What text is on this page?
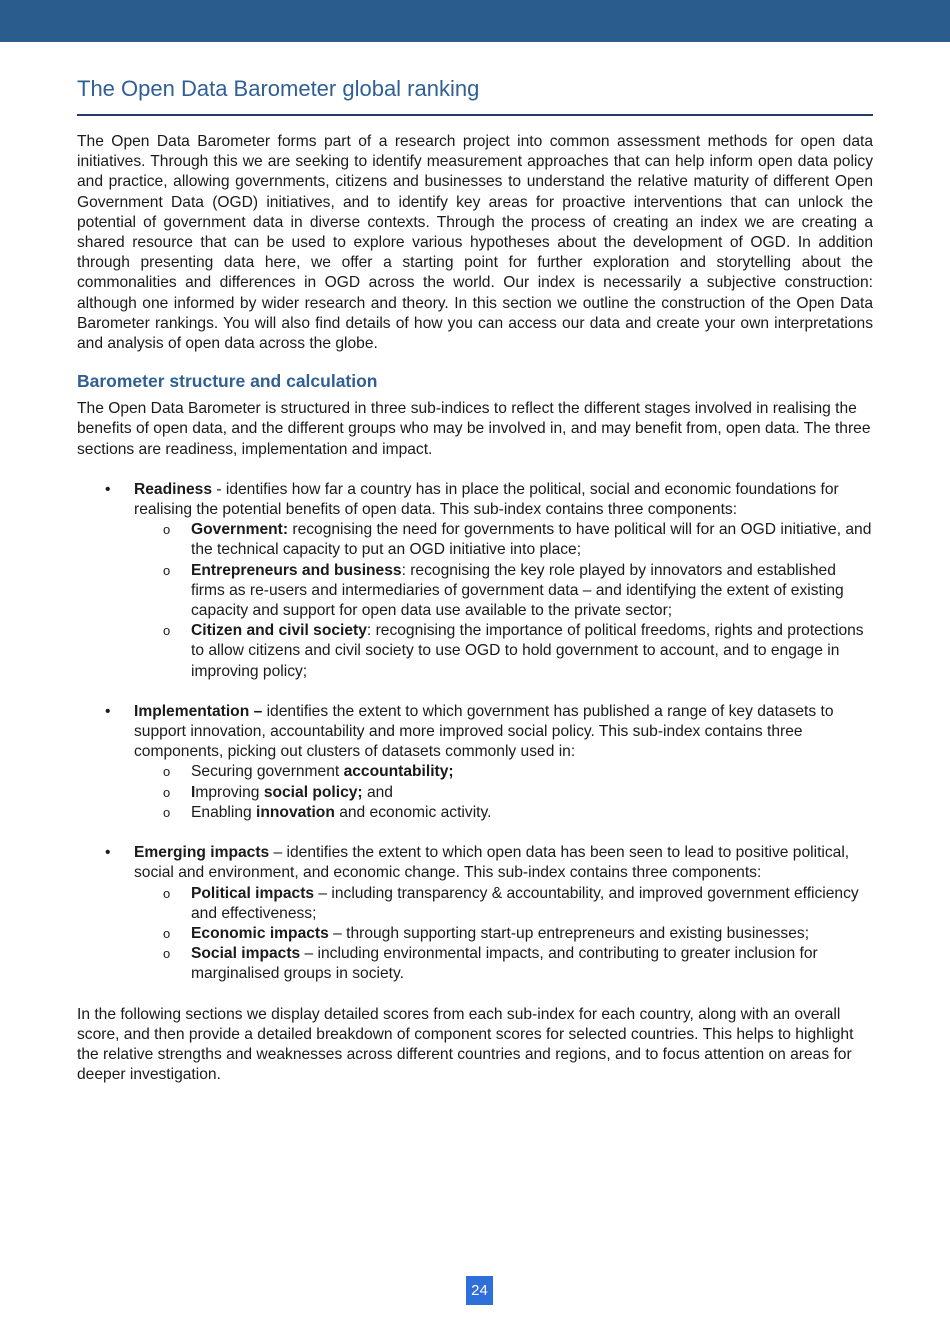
The Open Data Barometer global ranking

The Open Data Barometer forms part of a research project into common assessment methods for open data initiatives. Through this we are seeking to identify measurement approaches that can help inform open data policy and practice, allowing governments, citizens and businesses to understand the relative maturity of different Open Government Data (OGD) initiatives, and to identify key areas for proactive interventions that can unlock the potential of government data in diverse contexts. Through the process of creating an index we are creating a shared resource that can be used to explore various hypotheses about the development of OGD. In addition through presenting data here, we offer a starting point for further exploration and storytelling about the commonalities and differences in OGD across the world. Our index is necessarily a subjective construction: although one informed by wider research and theory. In this section we outline the construction of the Open Data Barometer rankings. You will also find details of how you can access our data and create your own interpretations and analysis of open data across the globe.

Barometer structure and calculation

The Open Data Barometer is structured in three sub-indices to reflect the different stages involved in realising the benefits of open data, and the different groups who may be involved in, and may benefit from, open data. The three sections are readiness, implementation and impact.

• Readiness - identifies how far a country has in place the political, social and economic foundations for realising the potential benefits of open data. This sub-index contains three components:
o Government: recognising the need for governments to have political will for an OGD initiative, and the technical capacity to put an OGD initiative into place;
o Entrepreneurs and business: recognising the key role played by innovators and established firms as re-users and intermediaries of government data – and identifying the extent of existing capacity and support for open data use available to the private sector;
o Citizen and civil society: recognising the importance of political freedoms, rights and protections to allow citizens and civil society to use OGD to hold government to account, and to engage in improving policy;
• Implementation – identifies the extent to which government has published a range of key datasets to support innovation, accountability and more improved social policy. This sub-index contains three components, picking out clusters of datasets commonly used in:
o Securing government accountability;
o Improving social policy; and
o Enabling innovation and economic activity.
• Emerging impacts – identifies the extent to which open data has been seen to lead to positive political, social and environment, and economic change. This sub-index contains three components:
o Political impacts – including transparency & accountability, and improved government efficiency and effectiveness;
o Economic impacts – through supporting start-up entrepreneurs and existing businesses;
o Social impacts – including environmental impacts, and contributing to greater inclusion for marginalised groups in society.

In the following sections we display detailed scores from each sub-index for each country, along with an overall score, and then provide a detailed breakdown of component scores for selected countries. This helps to highlight the relative strengths and weaknesses across different countries and regions, and to focus attention on areas for deeper investigation.

24
